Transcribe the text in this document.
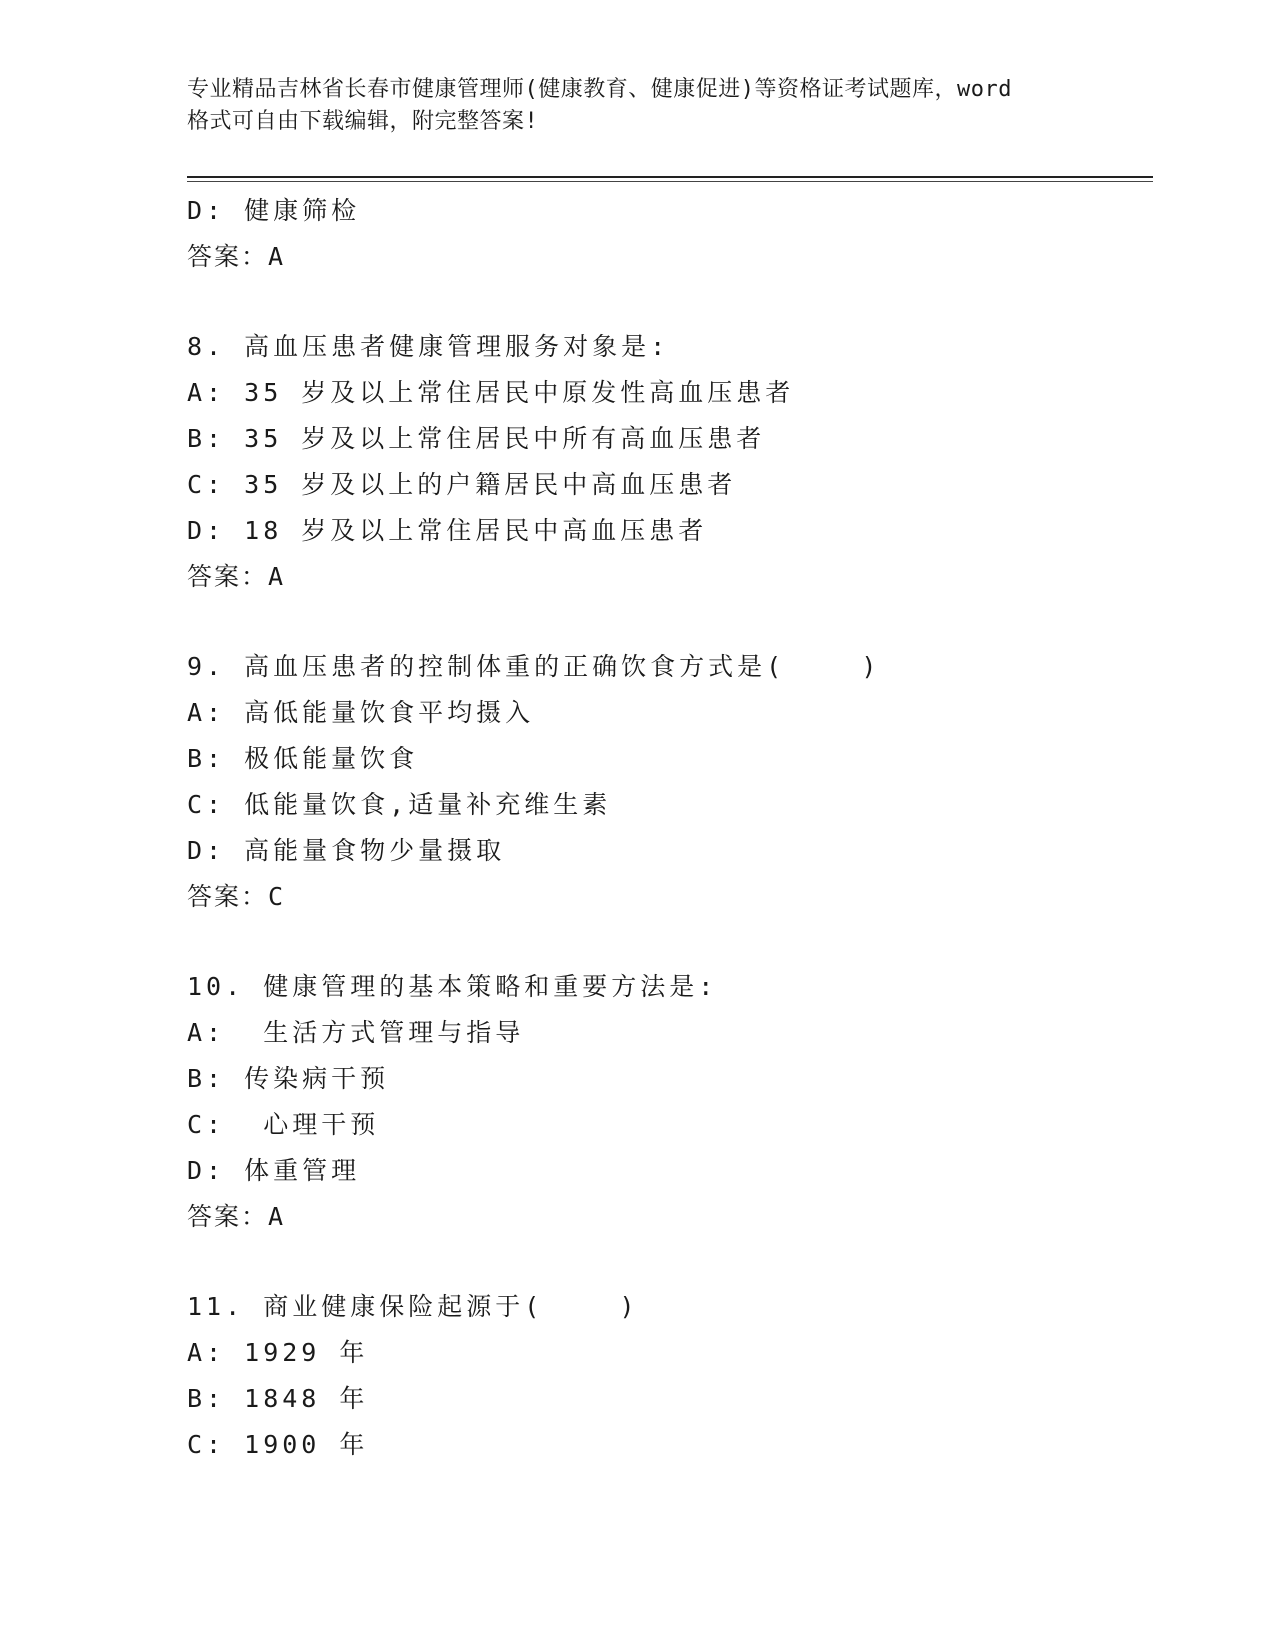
专业精品吉林省长春市健康管理师(健康教育、健康促进)等资格证考试题库，word
格式可自由下载编辑，附完整答案!
D: 健康筛检
答案：A
8. 高血压患者健康管理服务对象是:
A: 35 岁及以上常住居民中原发性高血压患者
B: 35 岁及以上常住居民中所有高血压患者
C: 35 岁及以上的户籍居民中高血压患者
D: 18 岁及以上常住居民中高血压患者
答案：A
9. 高血压患者的控制体重的正确饮食方式是(    )
A: 高低能量饮食平均摄入
B: 极低能量饮食
C: 低能量饮食,适量补充维生素
D: 高能量食物少量摄取
答案：C
10. 健康管理的基本策略和重要方法是:
A:  生活方式管理与指导
B: 传染病干预
C:  心理干预
D: 体重管理
答案：A
11. 商业健康保险起源于(    )
A: 1929 年
B: 1848 年
C: 1900 年
